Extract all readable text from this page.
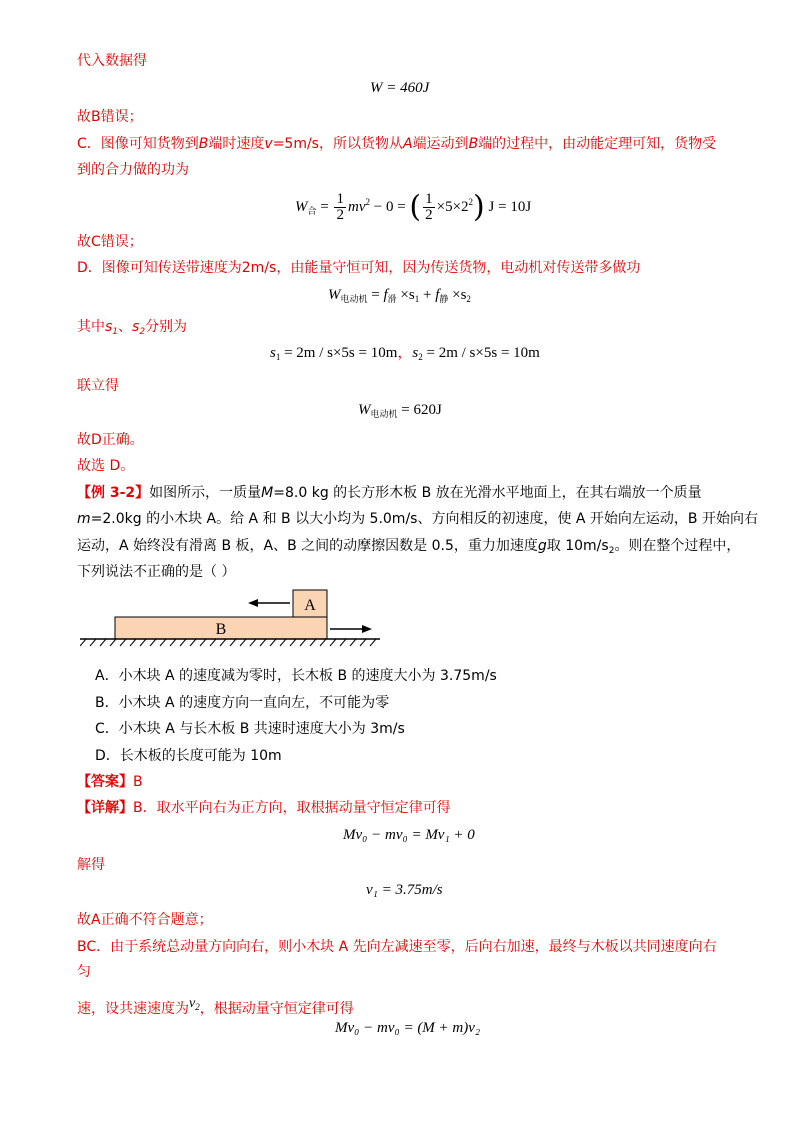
代入数据得
W = 460J
故B错误；
C．图像可知货物到B端时速度v=5m/s，所以货物从A端运动到B端的过程中，由动能定理可知，货物受
到的合力做的功为
$W_合 = \frac{1}{2} mv^2 - 0$ = ( $\frac{1}{2} \times 5\times 2^2$) J = 10J
故C错误；
D．图像可知传送带速度为2m/s，由能量守恒可知，因为传送货物，电动机对传送带多做功
$W_{电动机} = f_滑 \times s_1 + f_静 \times s_2$
其中$s_1$、$s_2$分别为
$s_1 = 2m / s\times 5s = 10m$，$s_2 = 2m / s\times 5s = 10m$
联立得
$W_{电动机} = 620J$
故D正确。
故选 D。
【例 3-2】如图所示，一质量M=8.0 kg 的长方形木板 B 放在光滑水平地面上，在其右端放一个质量
m=2.0kg 的小木块 A。给 A 和 B 以大小均为 5.0m/s、方向相反的初速度，使 A 开始向左运动，B 开始向右
运动，A 始终没有滑离 B 板，A、B 之间的动摩擦因数是 0.5，重力加速度g取 $10m/s_2$。则在整个过程中，
下列说法不正确的是（ ）
A
B
A．小木块 A 的速度减为零时，长木板 B 的速度大小为 3.75m/s
B．小木块 A 的速度方向一直向左，不可能为零
C．小木块 A 与长木板 B 共速时速度大小为 3m/s
D．长木板的长度可能为 10m
【答案】B
【详解】B．取水平向右为正方向，取根据动量守恒定律可得
Mv₀ − mv₀ = Mv₁ + 0
解得
v₁ = 3.75m/s
故A正确不符合题意；
BC．由于系统总动量方向向右，则小木块 A 先向左减速至零，后向右加速，最终与木板以共同速度向右
匀
速，设共速速度为$v_2$，根据动量守恒定律可得
Mv₀ − mv₀ = (M + m)v₂
